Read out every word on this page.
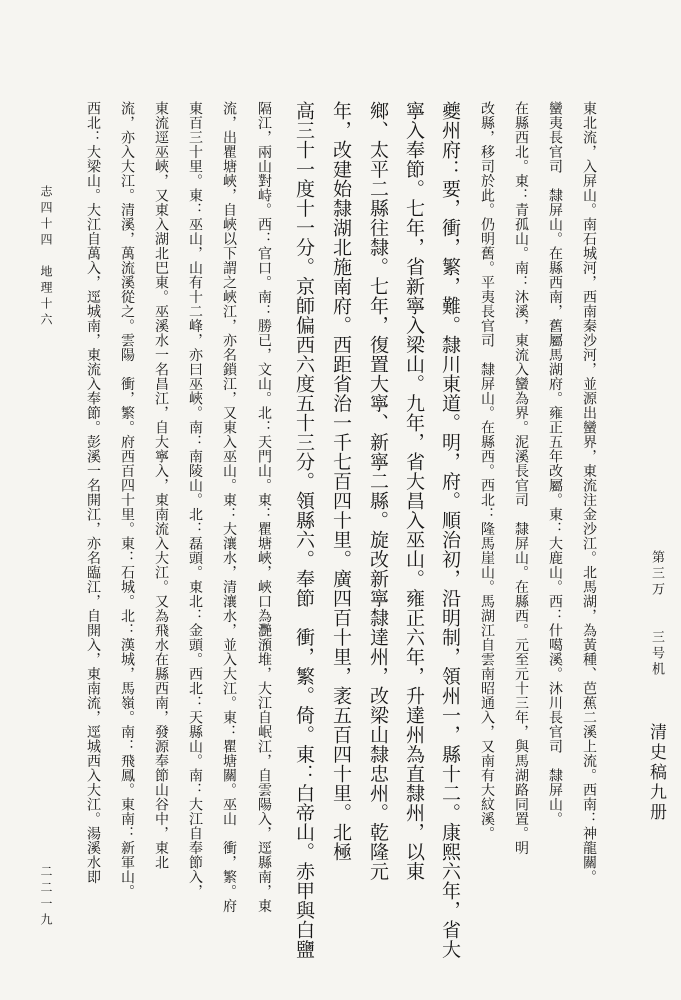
第三万
三号机
清史稿九册
東北流，入屏山。南石城河，西南秦沙河，並源出蠻界，東流注金沙江。北馬湖，為黃種、芭蕉二溪上流。西南：神龍關。
蠻夷長官司　隸屏山。在縣西南，舊屬馬湖府。雍正五年改屬。東：大鹿山。西：什噶溪。沐川長官司　隸屏山。
在縣西北。東：青孤山。南：沐溪，東流入蠻為界。泥溪長官司　隸屏山。在縣西。元至元十三年，與馬湖路同置。明
改縣，移司於此。仍明舊。平夷長官司　隸屏山。在縣西。西北：隆馬崖山。馬湖江自雲南昭通入，又南有大紋溪。
夔州府：要，衝，繁，難。隸川東道。明，府。順治初，沿明制，領州一，縣十二。康熙六年，省大
寧入奉節。七年，省新寧入梁山。九年，省大昌入巫山。雍正六年，升達州為直隸州，以東
鄉、太平二縣往隸。七年，復置大寧、新寧二縣。旋改新寧隸達州，改梁山隸忠州。乾隆元
年，改建始隸湖北施南府。西距省治一千七百四十里。廣四百十里，袤五百四十里。北極
高三十一度十一分。京師偏西六度五十三分。領縣六。奉節　衝，繁。倚。東：白帝山。赤甲與白鹽
隔江，兩山對峙。西：官口。南：勝已，文山。北：天門山。東：瞿塘峽，峽口為灧澦堆，大江自岷江，自雲陽入，逕縣南，東
流，出瞿塘峽，自峽以下謂之峽江，亦名鎖江，又東入巫山。東：大瀼水，清瀼水，並入大江。東：瞿塘關。巫山　衝，繁。府
東百三十里。東：巫山，山有十二峰，亦曰巫峽。南：南陵山。北：磊頭。東北：金頭。西北：天縣山。南：大江自奉節入，
東流逕巫峽，又東入湖北巴東。巫溪水一名昌江，自大寧入，東南流入大江。又為飛水在縣西南，發源奉節山谷中，東北
流，亦入大江。清溪，萬流溪從之。雲陽　衝，繁。府西百四十里。東：石城。北：漢城，馬嶺。南：飛鳳。東南：新軍山。
西北：大梁山。大江自萬入，逕城南，東流入奉節。彭溪一名開江，亦名臨江，自開入，東南流，逕城西入大江。湯溪水即
志四十四
地理十六
二二一九
